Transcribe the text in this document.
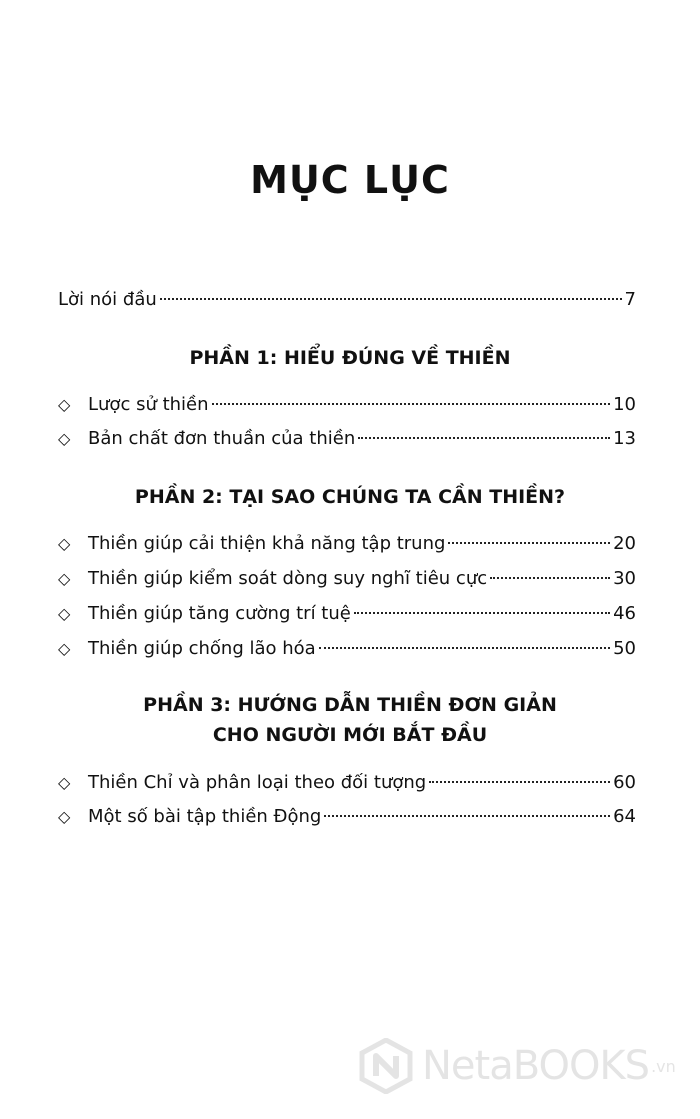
MỤC LỤC
Lời nói đầu	7
PHẦN 1: HIỂU ĐÚNG VỀ THIỀN
◇ Lược sử thiền	10
◇ Bản chất đơn thuần của thiền	13
PHẦN 2: TẠI SAO CHÚNG TA CẦN THIỀN?
◇ Thiền giúp cải thiện khả năng tập trung	20
◇ Thiền giúp kiểm soát dòng suy nghĩ tiêu cực	30
◇ Thiền giúp tăng cường trí tuệ	46
◇ Thiền giúp chống lão hóa	50
PHẦN 3: HƯỚNG DẪN THIỀN ĐƠN GIẢN
CHO NGƯỜI MỚI BẮT ĐẦU
◇ Thiền Chỉ và phân loại theo đối tượng	60
◇ Một số bài tập thiền Động	64
NetaBOOKS .vn
